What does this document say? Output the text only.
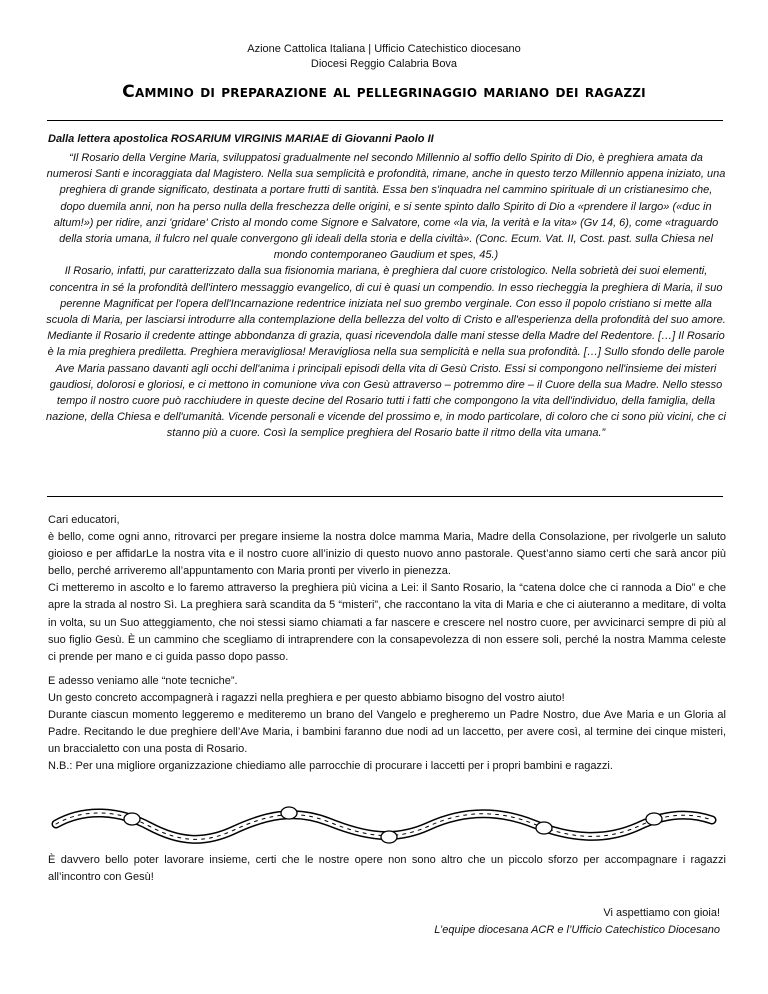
Azione Cattolica Italiana | Ufficio Catechistico diocesano
Diocesi Reggio Calabria Bova
Cammino di preparazione al pellegrinaggio mariano dei ragazzi
Dalla lettera apostolica ROSARIUM VIRGINIS MARIAE di Giovanni Paolo II

“Il Rosario della Vergine Maria, sviluppatosi gradualmente nel secondo Millennio al soffio dello Spirito di Dio, è preghiera amata da numerosi Santi e incoraggiata dal Magistero. Nella sua semplicità e profondità, rimane, anche in questo terzo Millennio appena iniziato, una preghiera di grande significato, destinata a portare frutti di santità. Essa ben s'inquadra nel cammino spirituale di un cristianesimo che, dopo duemila anni, non ha perso nulla della freschezza delle origini, e si sente spinto dallo Spirito di Dio a «prendere il largo» («duc in altum!») per ridire, anzi 'gridare' Cristo al mondo come Signore e Salvatore, come «la via, la verità e la vita» (Gv 14, 6), come «traguardo della storia umana, il fulcro nel quale convergono gli ideali della storia e della civiltà». (Conc. Ecum. Vat. II, Cost. past. sulla Chiesa nel mondo contemporaneo Gaudium et spes, 45.)

Il Rosario, infatti, pur caratterizzato dalla sua fisionomia mariana, è preghiera dal cuore cristologico. Nella sobrietà dei suoi elementi, concentra in sé la profondità dell'intero messaggio evangelico, di cui è quasi un compendio. In esso riecheggia la preghiera di Maria, il suo perenne Magnificat per l'opera dell'Incarnazione redentrice iniziata nel suo grembo verginale. Con esso il popolo cristiano si mette alla scuola di Maria, per lasciarsi introdurre alla contemplazione della bellezza del volto di Cristo e all'esperienza della profondità del suo amore. Mediante il Rosario il credente attinge abbondanza di grazia, quasi ricevendola dalle mani stesse della Madre del Redentore. […] Il Rosario è la mia preghiera prediletta. Preghiera meravigliosa! Meravigliosa nella sua semplicità e nella sua profondità. […] Sullo sfondo delle parole Ave Maria passano davanti agli occhi dell'anima i principali episodi della vita di Gesù Cristo. Essi si compongono nell'insieme dei misteri gaudiosi, dolorosi e gloriosi, e ci mettono in comunione viva con Gesù attraverso – potremmo dire – il Cuore della sua Madre. Nello stesso tempo il nostro cuore può racchiudere in queste decine del Rosario tutti i fatti che compongono la vita dell'individuo, della famiglia, della nazione, della Chiesa e dell'umanità. Vicende personali e vicende del prossimo e, in modo particolare, di coloro che ci sono più vicini, che ci stanno più a cuore. Così la semplice preghiera del Rosario batte il ritmo della vita umana.”

Cari educatori,

è bello, come ogni anno, ritrovarci per pregare insieme la nostra dolce mamma Maria, Madre della Consolazione, per rivolgerle un saluto gioioso e per affidarLe la nostra vita e il nostro cuore all’inizio di questo nuovo anno pastorale. Quest’anno siamo certi che sarà ancor più bello, perché arriveremo all’appuntamento con Maria pronti per viverlo in pienezza.

Ci metteremo in ascolto e lo faremo attraverso la preghiera più vicina a Lei: il Santo Rosario, la “catena dolce che ci rannoda a Dio” e che apre la strada al nostro Sì. La preghiera sarà scandita da 5 “misteri”, che raccontano la vita di Maria e che ci aiuteranno a meditare, di volta in volta, su un Suo atteggiamento, che noi stessi siamo chiamati a far nascere e crescere nel nostro cuore, per avvicinarci sempre di più al suo figlio Gesù. È un cammino che scegliamo di intraprendere con la consapevolezza di non essere soli, perché la nostra Mamma celeste ci prende per mano e ci guida passo dopo passo.

E adesso veniamo alle “note tecniche”.

Un gesto concreto accompagnerà i ragazzi nella preghiera e per questo abbiamo bisogno del vostro aiuto!

Durante ciascun momento leggeremo e mediteremo un brano del Vangelo e pregheremo un Padre Nostro, due Ave Maria e un Gloria al Padre. Recitando le due preghiere dell’Ave Maria, i bambini faranno due nodi ad un laccetto, per avere così, al termine dei cinque misteri, un braccialetto con una posta di Rosario.

N.B.: Per una migliore organizzazione chiediamo alle parrocchie di procurare i laccetti per i propri bambini e ragazzi.

È davvero bello poter lavorare insieme, certi che le nostre opere non sono altro che un piccolo sforzo per accompagnare i ragazzi all’incontro con Gesù!

Vi aspettiamo con gioia!
L’equipe diocesana ACR e l’Ufficio Catechistico Diocesano
